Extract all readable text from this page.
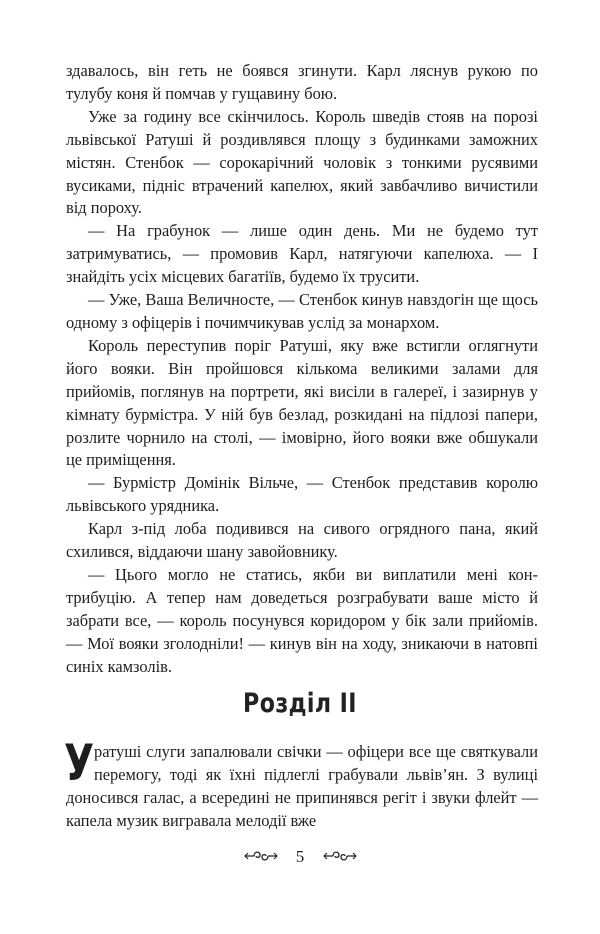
здавалось, він геть не боявся згинути. Карл ляснув рукою по тулубу коня й помчав у гущавину бою.

Уже за годину все скінчилось. Король шведів стояв на порозі львівської Ратуші й роздивлявся площу з будинками заможних містян. Стенбок — сорокарічний чоловік з тонкими русявими вусиками, підніс втрачений капелюх, який завбачливо вичистили від пороху.

— На грабунок — лише один день. Ми не будемо тут затримуватись, — промовив Карл, натягуючи капелюха. — І знайдіть усіх місцевих багатіїв, будемо їх трусити.

— Уже, Ваша Величносте, — Стенбок кинув навздогін ще щось одному з офіцерів і почимчикував услід за монархом.

Король переступив поріг Ратуші, яку вже встигли оглягнути його вояки. Він пройшовся кількома великими залами для прийомів, поглянув на портрети, які висіли в галереї, і зазирнув у кімнату бурмістра. У ній був безлад, розкидані на підлозі папери, розлите чорнило на столі, — імовірно, його вояки вже обшукали це приміщення.

— Бурмістр Домінік Вільче, — Стенбок представив королю львівського урядника.

Карл з-під лоба подивився на сивого огрядного пана, який схилився, віддаючи шану завойовнику.

— Цього могло не статись, якби ви виплатили мені контрибуцію. А тепер нам доведеться розграбувати ваше місто й забрати все, — король посунувся коридором у бік зали прийомів. — Мої вояки зголодніли! — кинув він на ходу, зникаючи в натовпі синіх камзолів.

Розділ ІІ
У ратуші слуги запалювали свічки — офіцери все ще святкували перемогу, тоді як їхні підлеглі грабували львів’ян. З вулиці доносився галас, а всередині не припинявся регіт і звуки флейт — капела музик вигравала мелодії вже
5
